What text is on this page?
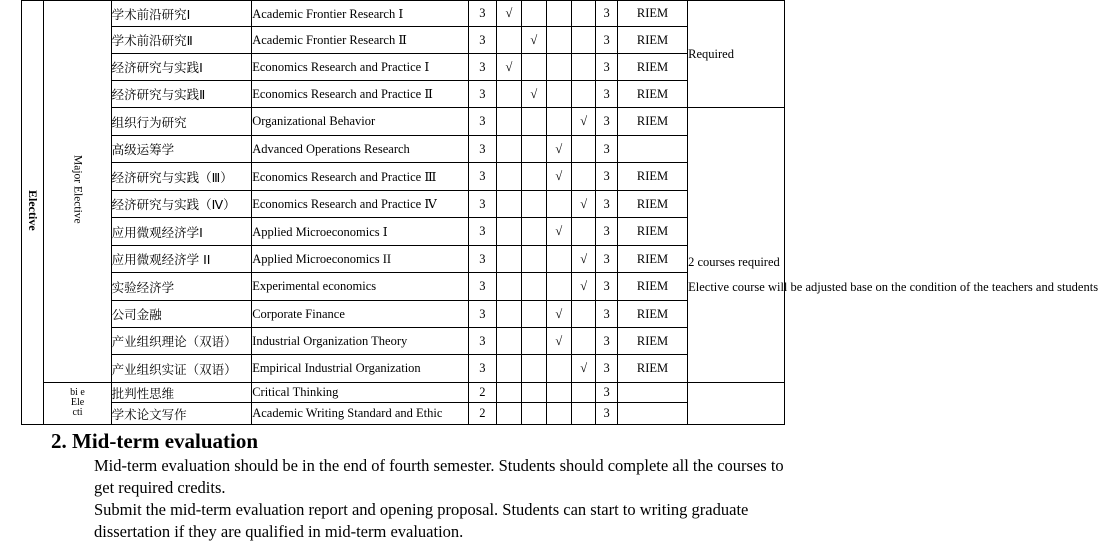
Elective	Major Elective	学术前沿研究Ⅰ	Academic Frontier Research Ⅰ	3	√				3	RIEM	Required
		学术前沿研究Ⅱ	Academic Frontier Research Ⅱ	3		√			3	RIEM	
		经济研究与实践Ⅰ	Economics Research and Practice Ⅰ	3	√				3	RIEM	
		经济研究与实践Ⅱ	Economics Research and Practice Ⅱ	3		√			3	RIEM	
		组织行为研究	Organizational Behavior	3				√	3	RIEM	2 courses required
Elective course will be adjusted base on the condition of the teachers and students

		高级运筹学	Advanced Operations Research	3			√		3		
		经济研究与实践（Ⅲ）	Economics Research and Practice Ⅲ	3			√		3	RIEM	
		经济研究与实践（Ⅳ）	Economics Research and Practice Ⅳ	3				√	3	RIEM	
		应用微观经济学Ⅰ	Applied Microeconomics Ⅰ	3			√		3	RIEM	
		应用微观经济学 II	Applied Microeconomics II	3				√	3	RIEM	
		实验经济学	Experimental economics	3				√	3	RIEM	
		公司金融	Corporate Finance	3			√		3	RIEM	
		产业组织理论（双语）	Industrial Organization Theory	3			√		3	RIEM	
		产业组织实证（双语）	Empirical Industrial Organization	3				√	3	RIEM	
	bi e Ele cti	批判性思维	Critical Thinking	2					3		
		学术论文写作	Academic Writing Standard and Ethic	2					3		
2. Mid-term evaluation

Mid-term evaluation should be in the end of fourth semester. Students should complete all the courses to get required credits.

Submit the mid-term evaluation report and opening proposal. Students can start to writing graduate dissertation if they are qualified in mid-term evaluation.
